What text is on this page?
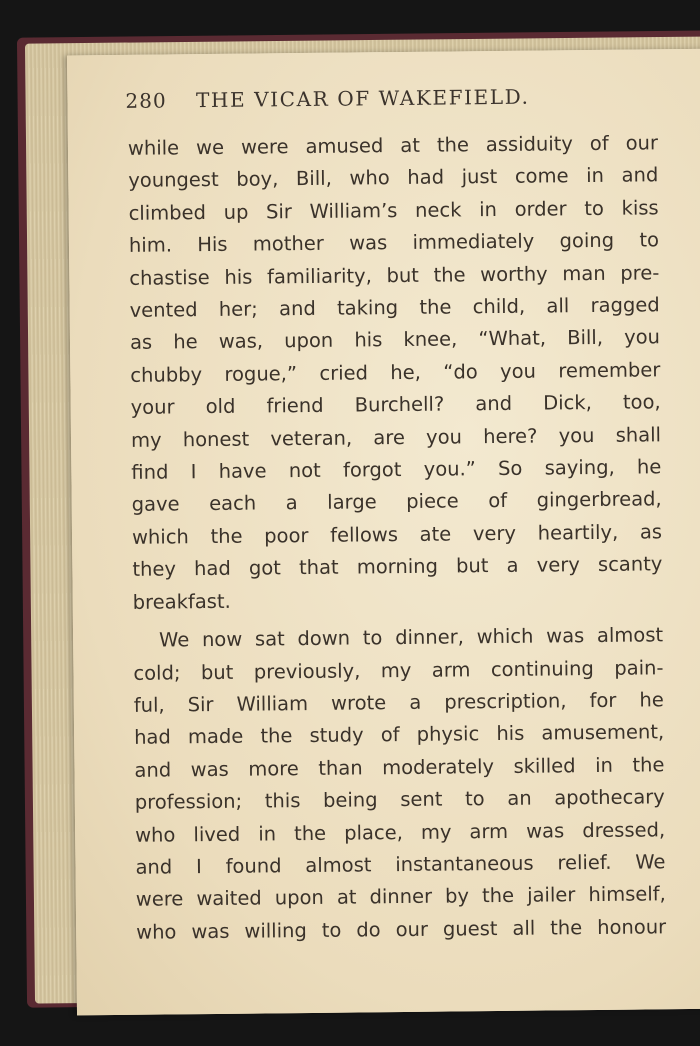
280 THE VICAR OF WAKEFIELD.
while we were amused at the assiduity of our
youngest boy, Bill, who had just come in and
climbed up Sir William’s neck in order to kiss
him. His mother was immediately going to
chastise his familiarity, but the worthy man pre-
vented her; and taking the child, all ragged
as he was, upon his knee, “What, Bill, you
chubby rogue,” cried he, “do you remember
your old friend Burchell? and Dick, too,
my honest veteran, are you here? you shall
find I have not forgot you.” So saying, he
gave each a large piece of gingerbread,
which the poor fellows ate very heartily, as
they had got that morning but a very scanty
breakfast.
We now sat down to dinner, which was almost
cold; but previously, my arm continuing pain-
ful, Sir William wrote a prescription, for he
had made the study of physic his amusement,
and was more than moderately skilled in the
profession; this being sent to an apothecary
who lived in the place, my arm was dressed,
and I found almost instantaneous relief. We
were waited upon at dinner by the jailer himself,
who was willing to do our guest all the honour
